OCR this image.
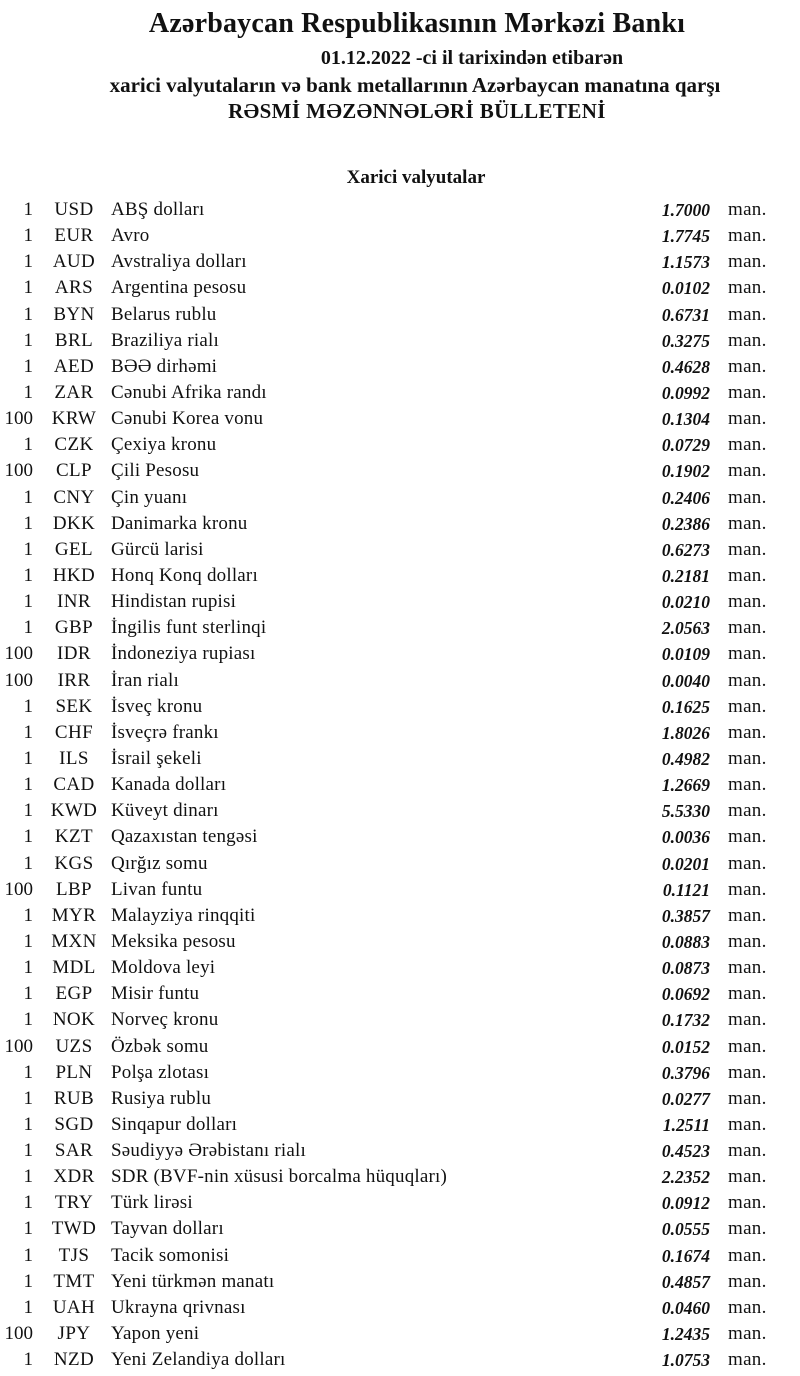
Azərbaycan Respublikasının Mərkəzi Bankı
01.12.2022 -ci il tarixindən etibarən
xarici valyutaların və bank metallarının Azərbaycan manatına qarşı
RƏSMİ MƏZƏNNƏLƏRİ BÜLLETENİ
Xarici valyutalar
1	USD ABŞ dolları	1.7000 man.
1	EUR Avro	1.7745 man.
1	AUD Avstraliya dolları	1.1573 man.
1	ARS Argentina pesosu	0.0102 man.
1	BYN Belarus rublu	0.6731 man.
1	BRL Braziliya rialı	0.3275 man.
1	AED BƏƏ dirhəmi	0.4628 man.
1	ZAR Cənubi Afrika randı	0.0992 man.
100 KRW Cənubi Korea vonu	0.1304 man.
1	CZK Çexiya kronu	0.0729 man.
100	CLP Çili Pesosu	0.1902 man.
1	CNY Çin yuanı	0.2406 man.
1	DKK Danimarka kronu	0.2386 man.
1	GEL Gürcü larisi	0.6273 man.
1	HKD Honq Konq dolları	0.2181 man.
1	INR	Hindistan rupisi	0.0210 man.
1	GBP İngilis funt sterlinqi	2.0563 man.
100	IDR	İndoneziya rupiası	0.0109 man.
100	IRR	İran rialı	0.0040 man.
1	SEK İsveç kronu	0.1625 man.
1	CHF İsveçrə frankı	1.8026 man.
1	ILS	İsrail şekeli	0.4982 man.
1	CAD Kanada dolları	1.2669 man.
1 KWD Küveyt dinarı	5.5330 man.
1	KZT Qazaxıstan tengəsi	0.0036 man.
1	KGS Qırğız somu	0.0201 man.
100	LBP Livan funtu	0.1121 man.
1 MYR Malayziya rinqqiti	0.3857 man.
1 MXN Meksika pesosu	0.0883 man.
1	MDL Moldova leyi	0.0873 man.
1	EGP Misir funtu	0.0692 man.
1	NOK Norveç kronu	0.1732 man.
100	UZS Özbək somu	0.0152 man.
1	PLN Polşa zlotası	0.3796 man.
1	RUB Rusiya rublu	0.0277 man.
1	SGD Sinqapur dolları	1.2511 man.
1	SAR Səudiyyə Ərəbistanı rialı	0.4523 man.
1	XDR SDR (BVF-nin xüsusi borcalma hüquqları)	2.2352 man.
1	TRY Türk lirəsi	0.0912 man.
1 TWD Tayvan dolları	0.0555 man.
1	TJS	Tacik somonisi	0.1674 man.
1	TMT Yeni türkmən manatı	0.4857 man.
1	UAH Ukrayna qrivnası	0.0460 man.
100	JPY	Yapon yeni	1.2435 man.
1	NZD Yeni Zelandiya dolları	1.0753 man.
